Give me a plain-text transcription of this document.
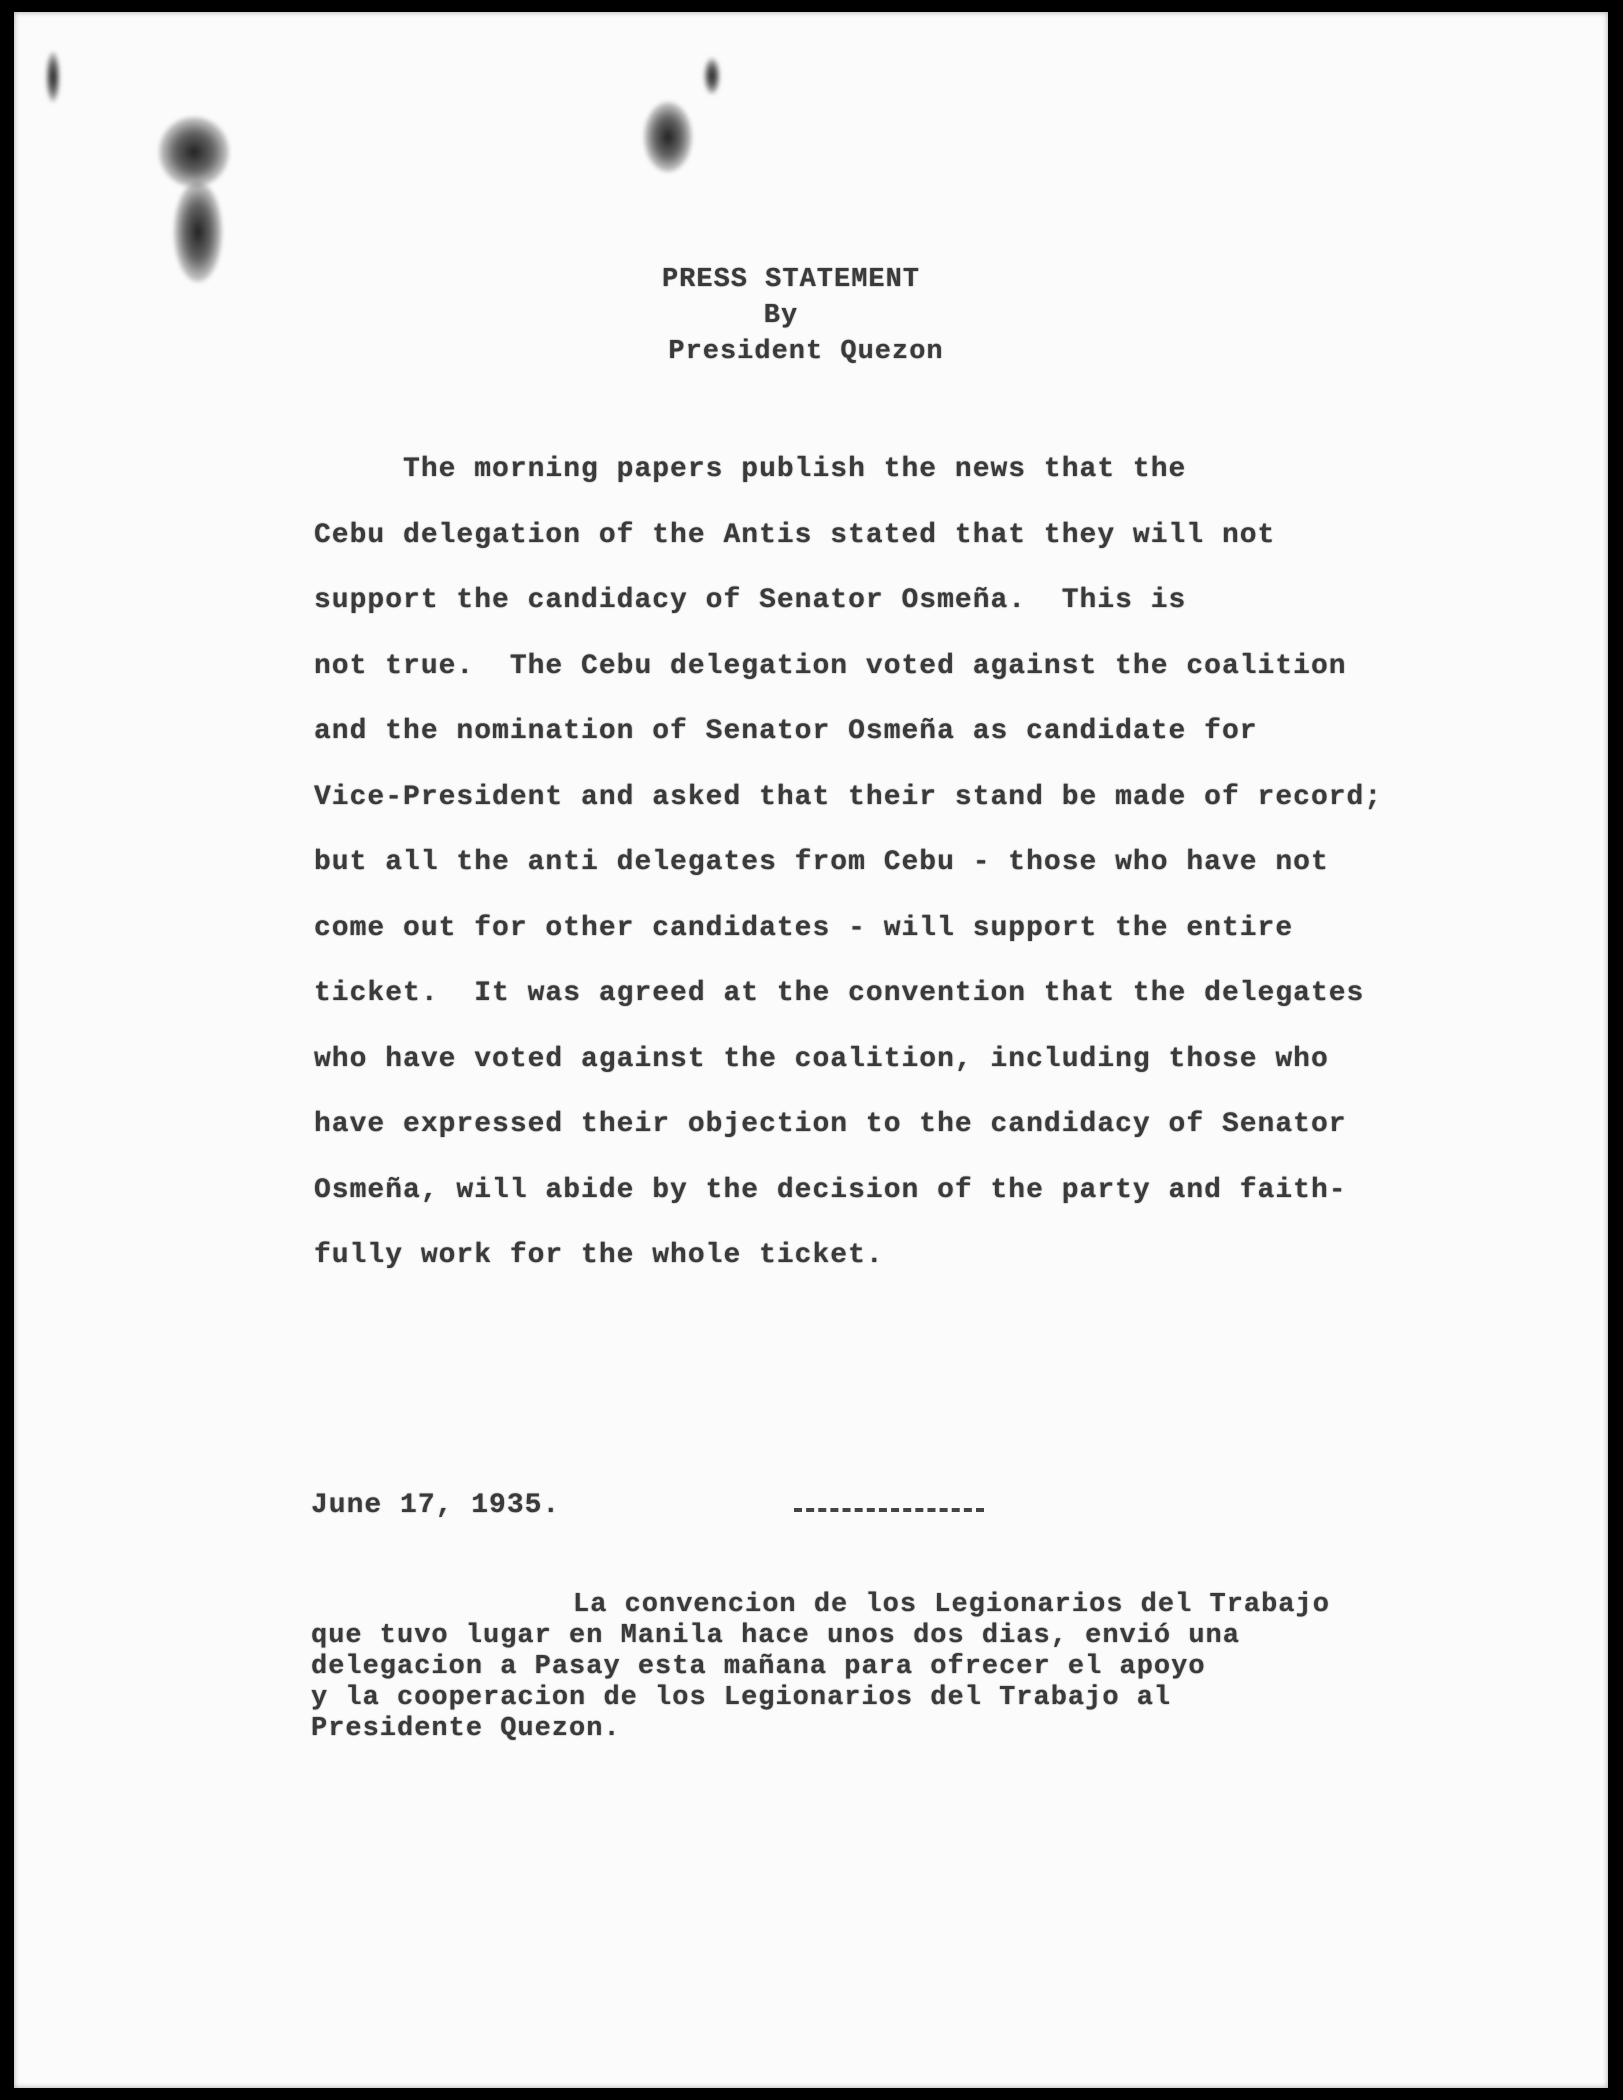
PRESS STATEMENT
By
President Quezon
The morning papers publish the news that the
Cebu delegation of the Antis stated that they will not
support the candidacy of Senator Osmeña.  This is
not true.  The Cebu delegation voted against the coalition
and the nomination of Senator Osmeña as candidate for
Vice-President and asked that their stand be made of record;
but all the anti delegates from Cebu - those who have not
come out for other candidates - will support the entire
ticket.  It was agreed at the convention that the delegates
who have voted against the coalition, including those who
have expressed their objection to the candidacy of Senator
Osmeña, will abide by the decision of the party and faith-
fully work for the whole ticket.
June 17, 1935.
La convencion de los Legionarios del Trabajo
que tuvo lugar en Manila hace unos dos dias, envió una
delegacion a Pasay esta mañana para ofrecer el apoyo
y la cooperacion de los Legionarios del Trabajo al
Presidente Quezon.
